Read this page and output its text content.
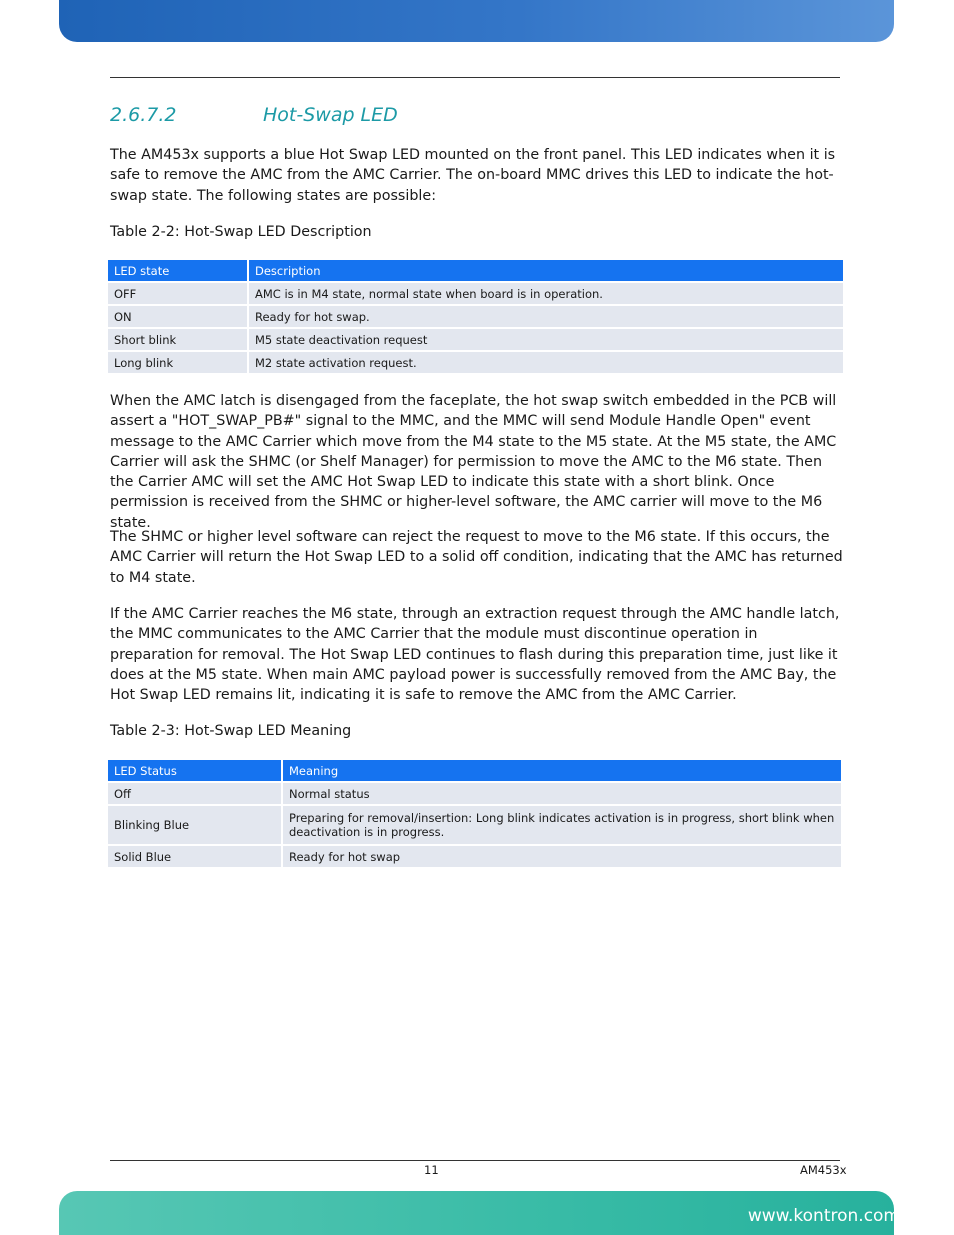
2.6.7.2	Hot-Swap LED

The AM453x supports a blue Hot Swap LED mounted on the front panel. This LED indicates when it is safe to remove the AMC from the AMC Carrier. The on-board MMC drives this LED to indicate the hot-swap state. The following states are possible:

Table 2-2: Hot-Swap LED Description

LED state	Description
OFF	AMC is in M4 state, normal state when board is in operation.
ON	Ready for hot swap.
Short blink	M5 state deactivation request
Long blink	M2 state activation request.

When the AMC latch is disengaged from the faceplate, the hot swap switch embedded in the PCB will assert a "HOT_SWAP_PB#" signal to the MMC, and the MMC will send Module Handle Open" event message to the AMC Carrier which move from the M4 state to the M5 state. At the M5 state, the AMC Carrier will ask the SHMC (or Shelf Manager) for permission to move the AMC to the M6 state. Then the Carrier AMC will set the AMC Hot Swap LED to indicate this state with a short blink. Once permission is received from the SHMC or higher-level software, the AMC carrier will move to the M6 state.

The SHMC or higher level software can reject the request to move to the M6 state. If this occurs, the AMC Carrier will return the Hot Swap LED to a solid off condition, indicating that the AMC has returned to M4 state.

If the AMC Carrier reaches the M6 state, through an extraction request through the AMC handle latch, the MMC communicates to the AMC Carrier that the module must discontinue operation in preparation for removal. The Hot Swap LED continues to flash during this preparation time, just like it does at the M5 state. When main AMC payload power is successfully removed from the AMC Bay, the Hot Swap LED remains lit, indicating it is safe to remove the AMC from the AMC Carrier.

Table 2-3: Hot-Swap LED Meaning

LED Status	Meaning
Off	Normal status
Blinking Blue	Preparing for removal/insertion: Long blink indicates activation is in progress, short blink when deactivation is in progress.
Solid Blue	Ready for hot swap
11	AM453x
www.kontron.com
